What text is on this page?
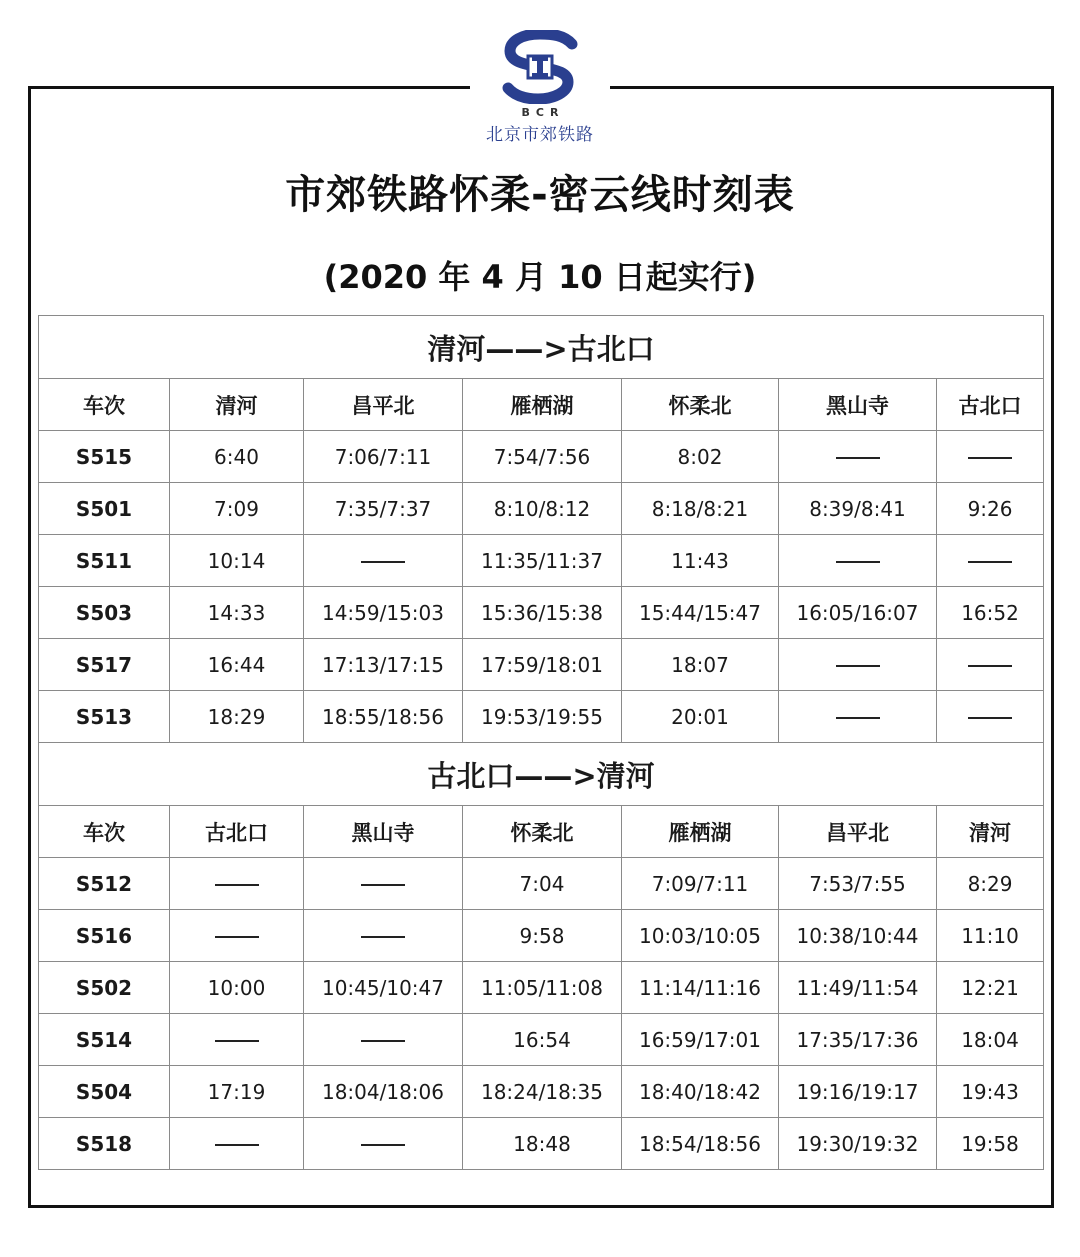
BCR
北京市郊铁路
市郊铁路怀柔-密云线时刻表
(2020 年 4 月 10 日起实行)
清河——>古北口						
车次	清河	昌平北	雁栖湖	怀柔北	黑山寺	古北口
S515	6:40	7:06/7:11	7:54/7:56	8:02		
S501	7:09	7:35/7:37	8:10/8:12	8:18/8:21	8:39/8:41	9:26
S511	10:14		11:35/11:37	11:43		
S503	14:33	14:59/15:03	15:36/15:38	15:44/15:47	16:05/16:07	16:52
S517	16:44	17:13/17:15	17:59/18:01	18:07		
S513	18:29	18:55/18:56	19:53/19:55	20:01		
古北口——>清河						
车次	古北口	黑山寺	怀柔北	雁栖湖	昌平北	清河
S512			7:04	7:09/7:11	7:53/7:55	8:29
S516			9:58	10:03/10:05	10:38/10:44	11:10
S502	10:00	10:45/10:47	11:05/11:08	11:14/11:16	11:49/11:54	12:21
S514			16:54	16:59/17:01	17:35/17:36	18:04
S504	17:19	18:04/18:06	18:24/18:35	18:40/18:42	19:16/19:17	19:43
S518			18:48	18:54/18:56	19:30/19:32	19:58
